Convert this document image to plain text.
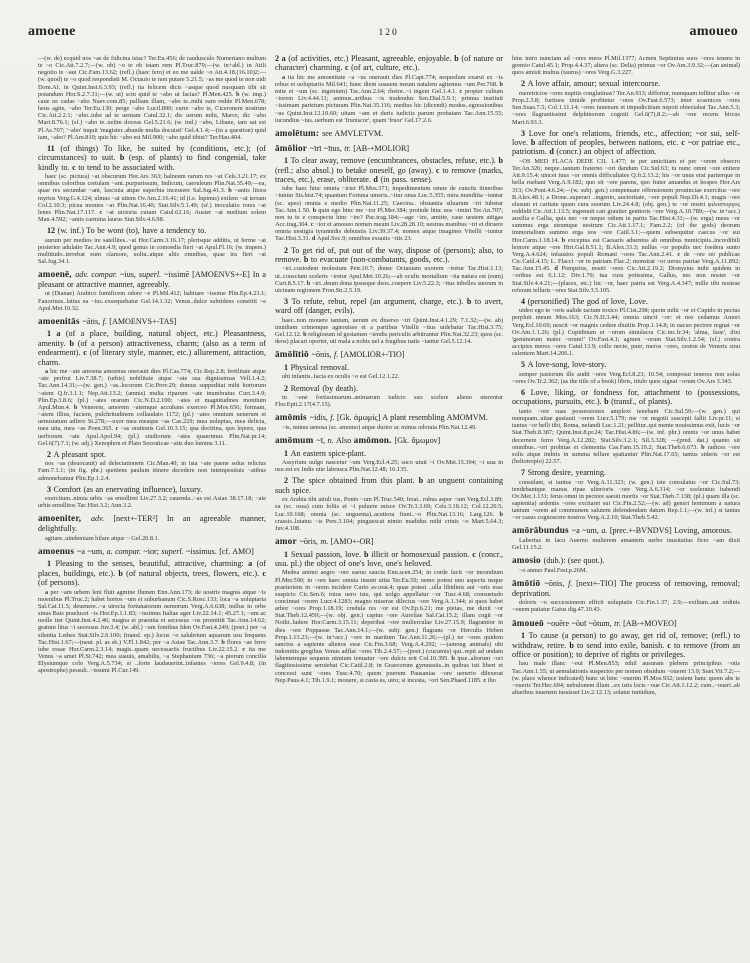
amoene	120	amoueo

—(w. de) ecquid nos ~as de fidicina istac? Ter.Eu.456; de raudusculo Numeriano multum te ~o Cic.Att.7.2.7;—(w. ob) ~o te ob istam rem Pl.Truc.879;—(w. in+abl.) in Atili negotio te ~aui Cic.Fam.13.62; (refl.) (haec fero) et eo me ualde ~o Att.4.18.(16.10)2;—(w. quod) te ~o quod respondisti M. Octauio te non putare 5.21.5; ~as me quod te non uidi Dom.Af. in Quint.Inst.6.3.93; (refl.) ita felicem dicis ~asque quod nusquam tibi sit potandum Hor.S.2.7.31;—(w. ut) scin quid te ~abo ut facias? Pl.Men.425. b (w. imp.) caue ne cadas ~abo Naev.com.85; palliam illam, ~abo te..mihi eam redde Pl.Men.678; heus agite, ~abo Ter.Eu.130; perge ~abo Lucil.890; curre ~abo te, Ciceronem nostrum Cic.Att.2.2.1; ~abo..iube ad te ueniam Catul.32.1; dic uerum mihi, Marce, dic ~abo Mart.8.76.1; (sf.) ~abo te..uelim doceas Gel.5.21.6; (w. ind.) ~abo, Libane, iam sat est Pl.As.707; '~abo' inquit 'magister..abunde multa docuisti' Gel.4.1.4;—(in a question) quid iam, ~abo? Pl.Am.810; quis hic ~abo est Mil.900; ~abo quid tibist? Ter.Hau.404.

11 (of things) To like, be suited by (conditions, etc.); (of circumstances) to suit. b (esp. of plants) to find congenial, take kindly to. c to tend to be associated with.

haec (sc. pictura) ~at obscurum Hor.Ars 363; balneum rarum res ~at Cels.3.21.17; ex omnibus coloribus cretulam ~ant..purpurissum, Indicum, caeruleum Plin.Nat.35.49;—ea, quae res secundae ~ant, lasciuia atque superbia incessere Sal.Jug.41.3. b ~antis litora myrtos Verg.G.4.124; ulmus ~at uitem Ov.Am.2.16.41; id (i.e. lupinus) exilem ~at terram Col.2.10.3; picea montes ~at Plin.Nat.16.40; Stat.Silv.5.1.49; (sf.) inoculatio rores ~at lenes Plin.Nat.17.117. c ~at uictoria curam Catul.62.16; Auster ~at medium solem Man.4.592; ~antis carmina laurus Stat.Silv.4.6.98.

12 (w. inf.) To be wont (to), have a tendency to.

aurum per medios ire satellites..~at Hor.Carm.3.16.17; plerisque additis, ut ferme ~at posterior adulatio Tac.Ann.4.9; quod genus in comoedia fieri ~at Apul.Fl.16; (w. impers.) multitudo..terrebat eum clamore, uoltu..atque aliis omnibus, quae ira fieri ~at Sal.Jug.34.1.

amoenē, adv. compar. ~ius, superl. ~issimē [AMOENVS+-E] In a pleasant or attractive manner, agreeably.

ut (Dianae) Arabico fumificem odore ~e Pl.Mil.412; habitare ~issime Plin.Ep.4.23.1; Fauorinus..latius ea ~ius..exsequebatur Gel.14.1.32; Venus..dulce subridens constitit ~e Apul.Met.10.32.

amoenitās ~ātis, f. [AMOENVS+-TAS]

1 a (of a place, building, natural object, etc.) Pleasantness, amenity. b (of a person) attractiveness, charm; (also as a term of endearment). c (of literary style, manner, etc.) allurement, attraction, charm.

a hic me ~ate amoena amoenus onerauit dies Pl.Cas.774; Cic.Rep.2.8; fertilitate atque ~ate perfrui Liv.7.38.7; (urbis) nobilitate atque ~ate sua dignissimas Vell.1.4.2; Tac.Ann.14.31;—(w. gen.) ~as..locorum Cic.Prov.29; domus suppeditat mihi hortorum ~atem Q.fr.3.1.1; Nep.Att.13.2; (amnis) multa riparum ~ate inumbratus Curt.3.4.9; Plin.Ep.3.8.6; (pl.) ~ates orarum Cic.N.D.2.100; ~ates et magnitudines montium Apul.Mun.4. b Venerem, amorem ~atemque accubans exerceo Pl.Mos.656; formam, ~atem illius, faciem, pulchritudinem collaudato 1172; (pl.) ~ates omnium uenerum et uenustatum adfero St.278;—uxor mea meaque ~as Cas.229; mea uoluptas, mea delicia, mea uita, mea ~as Poen.365. c ~as orationis Gel.10.3.15; qua doctrina, quo lepore, qua uerborum ~ate Apul.Apol.94; (pl.) studiorum ~ates quaerimus Plin.Nat.pr.14; Gel.6(7).7.1; (w. adj.) Xenophon et Plato Socraticae ~atis duo lumina 3.11.

2 A pleasant spot.

nos ~as (deuocauit) ad delectationem Cic.Man.40; in ista ~ate paene solus relictus Fam.7.1.1; (in fig. phr.) quotiens paulum itinere decedere non intempestiuis ~atibus admonebamur Plin.Ep.1.2.4.

3 Comfort (as an enervating influence), luxury.

exercitum..nimia urbis ~as emolliret Liv.27.3.2; cauenda..~as est Asiae 38.17.18; ~ate urbis emollitos Tac.Hist.3.2; Ann.3.2.

amoeniter, adv. [next+-TER²] In an agreeable manner, delightfully.

agitare..uindemiam hilare atque ~ Gel.20.8.1.

amoenus ~a ~um, a. compar. ~ior; superl. ~issimus. [cf. AMO]

1 Pleasing to the senses, beautiful, attractive, charming: a (of places, buildings, etc.). b (of natural objects, trees, flowers, etc.). c (of persons).

a per ~am urbem leni fluit agmine flumen Enn.Ann.173; de uostris magnis atque ~is moenibus Pl.Truc.2; habet hortos ~um et suburbanum Cic.S.Rosc.133; loca ~a uoluptaria Sal.Cat.11.5; deuenere..~a uirecta fortunatorum nemorum Verg.A.6.638; nullus in orbe sinus Bais praelucet ~is Hor.Ep.1.1.83; ~issimus Italiae ager Liv.22.14.1; 45.27.1; ~um ac molle iter Quint.Inst.4.2.46; magna ei praemia et secessus ~os promittit Tac.Ann.14.62; gratum litus ~i secessus Juv.3.4; (w. abl.) ~am fontibus Iden Ov.Fast.4.249; (poet.) per ~a silentia Lethes Stat.Silv.2.6.100; (transf. ep.) locus ~o salubrium aquarum usu frequens Tac.Hist.1.67;—(neut. pl. as sb.) V.Fl.1.842; per ~a Asiae Tac.Ann.3.7. b flores ~ae ferre iube rosae Hor.Carm.2.3.14; magis..quam necessariis fructibus Liv.22.15.2. c ita me Venus ~a amet Pl.St.742; mea suauis, amabilis, ~a Stephanium 736; ~a piorum concilia Elysiumque colo Verg.A.5.734; si ..forte laudauerint..infantes ~iores Gel.9.4.8; (in apostrophe) pessuli..~issumi Pl.Cur.149.

2 a (of activities, etc.) Pleasant, agreeable, enjoyable. b (of nature or character) charming. c (of art, culture, etc.).

a ita hic me amoenitate ~a ~us onerauit dies Pl.Capt.774; nequedum exarui ex ~is rebus et uoluptariis Mil.641; hunc diem suauem meum natalem agitemus ~um Per.768. b mite et ~um (sc. ingenium) Tac.Ann.2.64; rhetor..~i ingeni Gel.1.4.1. c propter cultum ~iorem Liv.4.44.11; animus..artibus ~is tradendus Sen.Dial.5.9.1; primus instituit ~issimam parietum picturam Plin.Nat.35.116; medius hic (dicendi) modus..egressionibus ~us Quint.Inst.12.10.60; uitam ~am et duris iudiciis parum probatam Tac.Ann.15.55; iucundius ~ius..uerbum est 'fruniscor', quam 'fruor' Gel.17.2.6.

amolētum: see AMVLETVM.

āmōlior ~īrī ~ītus, tr. [AB-+MOLIOR]

1 To clear away, remove (encumbrances, obstacles, refuse, etc.). b (refl.; also absol.) to betake oneself, go (away). c to remove (marks, traces, etc.), erase, obliterate. d (in pass. sense).

iube haec hinc omnia ~irier Pl.Mos.371; impedimentum omne de cunctis itineribus ~iuntur Sis.hist.74; quantum Fortuna umeris..~itur onus Luc.5.355; mira munditia ~iuntur (sc. apes) omnia e medio Plin.Nat.11.25; Caecina.. obstantia siluarum ~iri iubetur Tac.Ann.1.50. b quin ego hinc me ~ior Pl.Mer.384; proinde hinc uos ~imini Ter.An.707; non tu te e conspectu hinc ~ire? Pac.trag.184;—age ~ire, amitte, caue uestem attigas Acc.trag.304. c ~ior et amoueo nomen meum Liv.28.28.10; uestras manibus ~iri et diruere omnia uestigia tyrannidis debuistis Liv.39.37.4; nomen atque imagines Vitellii ~iuntur Tac.Hist.3.31. d Apul.Soc.9; omnibus exuuiis ~itis 23.

2 To get rid of, put out of the way, dispose of (persons); also, to remove. b to evacuate (non-combatants, goods, etc.).

~iri..custodem molestum Petr.10.7; donec Octauiam uxorem ~iretur Tac.Hist.1.13; ut..conscium sceleris ~iretur Apul.Met.10.26;—ab oculis mortalium ~ita natura est (eum) Curt.8.5.17. b ~iri..deum dona ipsosque deos..coepere Liv.5.22.3; ~itus inbelles suorum in uicinam regionem Fron.Str.2.5.19.

3 To refute, rebut, repel (an argument, charge, etc.). b to avert, ward off (danger, evils).

haec..non mouere tantum, uerum ex diuerso ~iri Quint.Inst.4.1.29; 7.1.32;—(w. ab) inuidiam crimenque agnouisse et a partibus Vitellii ~itus uidebatur Tac.Hist.3.75; Gel.12.12. b religiosum id gestamen ~iendis periculis arbitrantur Plin.Nat.32.23; quos (sc. deos) placari oportet, uti mala a nobis uel a frugibus natis ~iantur Gel.5.12.14.

āmōlītiō ~ōnis, f. [AMOLIOR+-TIO]

1 Physical removal.

ubi infantis..facta ex oculis ~o est Gel.12.1.22.

2 Removal (by death).

in ~one fortissimarum..animarum iudicio suo scelere alieno uterentur Flor.Epit.2.17(4.7.15).

amōmis ~idis, f. [Gk. ἀμωμίς] A plant resembling AMOMVM.

~is, minus uenosa (sc. amomo) atque durior ac minus odorata Plin.Nat.12.49.

amōmum ~ī, n. Also amōmon. [Gk. ἄμωμον]

1 An eastern spice-plant.

Assyrium uulgo nascetur ~um Verg.Ecl.4.25; suco uiuit ~i Ov.Met.15.394; ~i uua in usu est ex Indis uite labrusca Plin.Nat.12.48; 16.135.

2 The spice obtained from this plant. b an unguent containing such spice.

ex Arabia tibi attuli tus, Ponto ~um Pl.Truc.540; ferat.. rubus asper ~um Verg.Ecl.3.89; ea (sc. ossa) cum foliis et ~i puluere misce Ov.Tr.3.3.69; Cels.3.18.12; Col.12.20.5; Luc.10.168; omnia (sc. unguenta)..acutiora fiunt..~o Plin.Nat.13.16; Larg.126. b crassis..lutatus ~is Pers.3.104; pinguescat nimio madidus mihi crinis ~o Mart.5.64.3; Juv.4.108.

amor ~ōris, m. [AMO+-OR]

1 Sexual passion, love. b illicit or homosexual passion. c (concr., usu. pl.) the object of one's love, one's beloved.

Medea animo aegro ~ore saeuo saucia Enn.scen.254; in corde facit ~or incendium Pl.Mer.590; in ~ore haec omnia insunt uitia Ter.Eu.59; nemo potest uno aspectu neque praeteriens in ~orem incidere Curio av.orat.4; quae potest ..ulla libidinis aut ~oris esse suspicio Cic.Sen.6; totus uero iste, qui uolgo appellatur ~or Tusc.4.68; consuetudo concinnat ~orem Lucr.4.1283; magno miserae dilectus ~ore Verg.A.1.344; si quos habet arbor ~ores Prop.1.18.19; credula res ~or est Ov.Ep.6.21; me pietas, me duxit ~or Stat.Theb.12.459;—(w. obj. gen.) captus ~ore Aureliae Sal.Cat.15.2; illam cogit ~or Nothi..ludere Hor.Carm.3.15.11; deperibat ~ore mulierculae Liv.27.15.9; flagrantior in dies ~ore Poppaeae Tac.Ann.14.1;—(w. subj. gen.) flagrans ~or Herculis Heben Prop.1.13.23;—(w. in+acc.) ~ore in maritum Tac.Ann.11.26;—(pl.) ne ~ores quidem sanctos a sapiente alienos esse Cic.Fin.3.68; Verg.A.4.292; —(among animals) ubi indomitis gregibus Venus adflat ~ores Tib.2.4.57;—(poet.) (cucumis) qui..repit ad undam labentemque sequens nimium tenuatur ~ore dulcis erit Col.10.395. b ipse..aliorum ~ori flagitiosissime seruiebat Cic.Catil.2.8; in Graecorum gymnasiis..in quibus isti liberi et concessi sunt ~ores Tusc.4.70; quem puerum Pausanias ~ore uenerio dilexerat Nep.Paus.4.1; Tib.1.9.1; mouere, si casta es, uiro; si incesta, ~ori Sen.Phaed.1185. c ibo

hinc intro nunciam ad ~ores meos Pl.Mil.1377; Acmen Septimius suos ~ores tenens in gremio Catul.45.1; Prop.4.4.37; altera (sc. Delia) primus ~or Ov.Am.3.9.32;—(an animal) quos amisit inultus (taurus) ~ores Verg.G.3.227.

2 A love affair, amour; sexual intercourse.

meretricios ~ores nuptiis conglutinas? Ter.An.913; differtur, numquam tollitur ullus ~or Prop.2.3.8; furtiuos timide profitetur ~ores Ov.Fast.6.573; inter scaenicos ~ores Sen.Suas.7.5; Col.1.11.14; ~ores iuuenum et impudicitiam nepoti obiectabat Tac.Ann.5.3; ~ores flagrantissimi delphinorum cogniti Gel.6(7).8.2;—ab ~ore recens hircus Mart.6.93.3.

3 Love for one's relations, friends, etc., affection; ~or sui, self-love. b affection of peoples, between nations, etc. c ~or patriae etc., patriotism. d (concr.) an object of affection.

~OS MED FLACA DEDE CIL 1.477; te per amicitiam et per ~orem obsecro Ter.An.326; neque..tantum fraterno ~ori dandum Cic.Sul.63; tu nunc omni ~ore enitere Att.9.15.4; uincet tuus ~or omnis difficultates Q.fr.2.13.2; his ~or unus erat pariterque in bella ruebant Verg.A.9.182; quo sit ~ore parens, quo frater amandus et hospes Hor.Ars 313; Ov.Pont.4.6.24;—(w. subj. gen.) compensare offensionem prouinciae exercitus ~ore B.Alex.48.1; a Dione..superari ..ingenio, auctoritate, ~ore populi Nep.Di.4.1; magis ~ore elusum et caritate quam cura suorum Liv.24.4.8; (obj. gen.) te ~or nostri φιλοστοργος reddidit Cic.Att.1.13.5; ingemuit cari grauiter genitoris ~ore Verg.A.10.789;—(w. in+acc.) auxilia e Gallia, quis nec ~or neque odium in partis Tac.Hist.4.31;—(w. erga) meus ~or summus erga utrumque uestrum Cic.Att.1.17.1; Fam.2.2; (of the gods) deorum immortalium summo erga uos ~ore Catil.3.1;—quem subsequitur caecus ~or sui Hor.Carm.1.18.14. b exceptus est Caesaris aduentus ab omnibus municipiis..incredibili honore atque ~ore Hirt.Gal.8.51.1; B.Alex.33.3; nullus ~or populis nec foedera sunto Verg.A.4.624; infaustos populi Romani ~ores Tac.Ann.2.41. c de ~ore rei publicae Cic.Catil.4.15; L. Flacci ~or in patriam Flac.2; monstrat ~or uerus patriae Verg.A.11.892; Tac.Ann.15.45. d Pompeius, nostri ~ores Cic.Att.2.19.2; Dionysius mihi quidem in ~oribus est 6.1.12; Div.1.79; tua cura potissima, Gallus, nec non noster ~or Stat.Silv.4.4.21;—(places, etc.) hic ~or, haec patria est Verg.A.4.347; mille tibi nostrae referam telluris ~ores Stat.Silv.3.5.105.

4 (personified) The god of love, Love.

uideo ego te ~oris ualide tactum toxico Pl.Cist.298; quom mihi ~or et Cupido in pectus perpluit meum Mos.163; Cic.N.D.3.44; omnia uincit ~or: et nos cedamus Amori Verg.Ecl.10.69; nescit ~or magnis cedere diuitiis Prop.1.14.8; in uacuo pectore regnat ~or Ov.Am.1.1.26; (pl.) Cupidinum et ~orum simulacra Cic.inc.fr.34; 'alma, faue', dixi 'geminorum mater ~orum!' Ov.Fast.4.1; agmen ~orum Stat.Silv.1.2.54; (sf.) contra accipies meros ~ores Catul.13.9; collo necte, puer, meros ~ores, ceston de Veneris sinu calentem Mart.14.206.1.

5 A love-song, love-story.

semper pastorum ille audit ~ores Verg.Ecl.8.23; 10.54; composui teneros non solus ~ores Ov.Tr.2.362; (as the title of a book) libris, titulo quos signat ~orum Ov.Ars 3.343.

6 Love, liking, or fondness for, attachment to (possessions, occupations, pursuits, etc.). b (transf., of plants).

tanto ~ore suas possessiones amplexi tenebant Cic.Sul.59;—(w. gen.) qui numquam..uitae gustauit ~orem Lucr.5.179; me ~or negotii suscepti fallit Liv.pr.11; si tantus ~or belli tibi, Roma, nefandi Luc.1.21; pellitur..qui mente nouissimus exit, lucis ~or Stat.Theb.8.387; Quint.Inst.8.pr.24; Tac.Hist.4.86;—(w. inf. phr.) omnis ~or unus habet decernere ferro Verg.A.12.282; Stat.Silv.3.2.1; Sil.3.328; —(pred. dat.) quanto sit omnibus..~ori probitas et clementia Cas.Fam.15.19.2; Stat.Theb.6.673. b radices ~ore solis atque imbris in summa tellure spatiantur Plin.Nat.17.65; tantus sideris ~or est (heliotropio) 22.57.

7 Strong desire, yearning.

considant, si tantus ~or Verg.A.11.323; (w. gen.) iste consulatus ~or Cic.Sul.73; tendebantque manus ripae ulterioris ~ore Verg.A.6.314; ~or sceleratus habendi Ov.Met.1.131; ferus omni in pectore saeuit mortis ~or Stat.Theb.7.138; (pl.) quam illa (sc. sapientia) ardentis ~ores excitaret sui Cic.Fin.2.52;—(w. ad) generi hominum a natura tantum ~orem ad communem salutem defendendam datum Rep.1.1;—(w. inf.) si tantus ~or casus cognoscere nostros Verg.A.2.10; Stat.Theb.5.42.

amōrābundus ~a ~um, a. [prec.+-BVNDVS] Loving, amorous.

Laberius in lacu Auerno mulierem amantem uerbo inusitatius ficto ~am dixit Gel.11.15.2.

amosio (dub.): (see quot.).

~o annuo Paul.Fest.p.26M.

āmōtiō ~ōnis, f. [next+-TIO] The process of removing, removal; deprivation.

doloris ~o successionem efficit uoluptatis Cic.Fin.1.37; 2.9;—exilium..aut ordinis ~onem patiatur Gaius dig.47.10.43.

āmoueō ~ouēre ~ōuī ~ōtum, tr. [AB-+MOVEO]

1 To cause (a person) to go away, get rid of, remove; (refl.) to withdraw, retire. b to send into exile, banish. c to remove (from an office or position); to deprive of rights or privileges.

hau male illanc ~oui Pl.Men.853; nihil ausuram plebem principibus ~otis Tac.Ann.1.55; ut aemulationis suspectos per nomen obsidum ~oueret 13.9; Suet.Vit.7.2;—(w. place whence indicated) hunc ut hinc ~ouerim Pl.Mos.932; testem hanc quom abs te ~oueris Ter.Hec.694; nebulonem illum ..ex istis locis ~oue Cic.Att.1.12.2; cum..~oueri..ab altaribus iuuenem iussisset Liv.2.12.13; solatur tumidum,
